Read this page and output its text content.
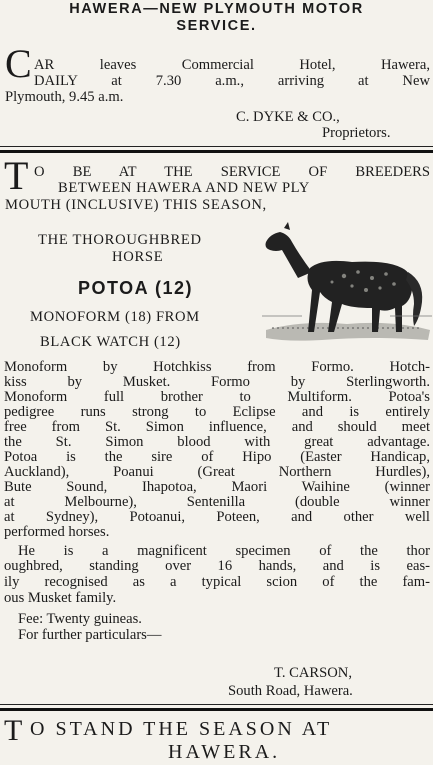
HAWERA—NEW PLYMOUTH MOTOR
SERVICE.
C AR leaves Commercial Hotel, Hawera,
DAILY at 7.30 a.m., arriving at New
Plymouth, 9.45 a.m.
C. DYKE & CO.,
Proprietors.
T O BE AT THE SERVICE OF BREEDERS
BETWEEN HAWERA AND NEW PLY
MOUTH (INCLUSIVE) THIS SEASON,
THE THOROUGHBRED
HORSE
POTOA (12)
MONOFORM (18) FROM
BLACK WATCH (12)
Monoform by Hotchkiss from Formo. Hotch-
kiss by Musket. Formo by Sterlingworth.
Monoform full brother to Multiform. Potoa's
pedigree runs strong to Eclipse and is entirely
free from St. Simon influence, and should meet
the St. Simon blood with great advantage.
Potoa is the sire of Hipo (Easter Handicap,
Auckland), Poanui (Great Northern Hurdles),
Bute Sound, Ihapotoa, Maori Waihine (winner
at Melbourne), Sentenilla (double winner
at Sydney), Potoanui, Poteen, and other well
performed horses.
He is a magnificent specimen of the thor
oughbred, standing over 16 hands, and is eas-
ily recognised as a typical scion of the fam-
ous Musket family.
Fee: Twenty guineas.
For further particulars—
T. CARSON,
South Road, Hawera.
T O STAND THE SEASON AT
HAWERA.
